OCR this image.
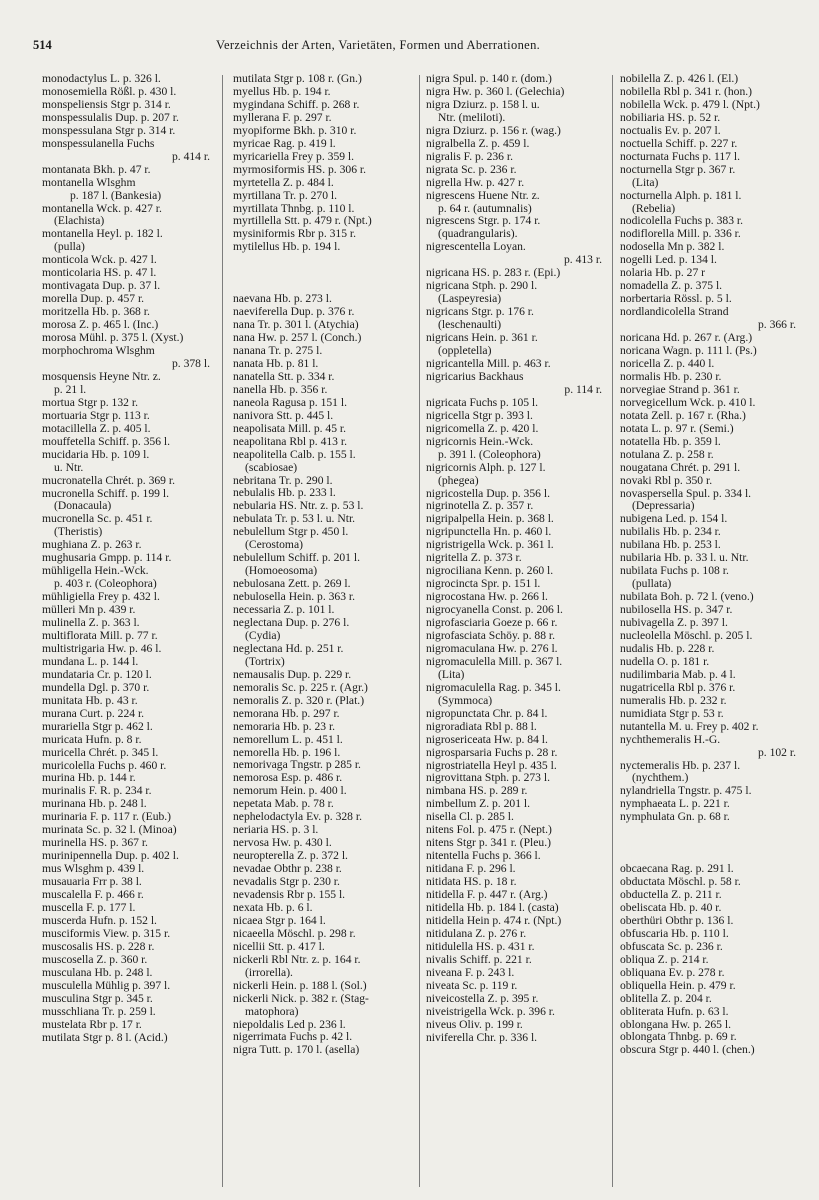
514	Verzeichnis der Arten, Varietäten, Formen und Aberrationen.
monodactylus L. p. 326 l.
monosemiella Rößl. p. 430 l.
monspeliensis Stgr p. 314 r.
monspessulalis Dup. p. 207 r.
monspessulana Stgr p. 314 r.
monspessulanella Fuchs
p. 414 r.
montanata Bkh. p. 47 r.
montanella Wlsghm
p. 187 l. (Bankesia)
montanella Wck. p. 427 r.
(Elachista)
montanella Heyl. p. 182 l.
(pulla)
monticola Wck. p. 427 l.
monticolaria HS. p. 47 l.
montivagata Dup. p. 37 l.
morella Dup. p. 457 r.
moritzella Hb. p. 368 r.
morosa Z. p. 465 l. (Inc.)
morosa Mühl. p. 375 l. (Xyst.)
morphochroma Wlsghm
p. 378 l.
mosquensis Heyne Ntr. z.
p. 21 l.
mortua Stgr p. 132 r.
mortuaria Stgr p. 113 r.
motacillella Z. p. 405 l.
mouffetella Schiff. p. 356 l.
mucidaria Hb. p. 109 l.
u. Ntr.
mucronatella Chrét. p. 369 r.
mucronella Schiff. p. 199 l.
(Donacaula)
mucronella Sc. p. 451 r.
(Theristis)
mughiana Z. p. 263 r.
mughusaria Gmpp. p. 114 r.
mühligella Hein.-Wck.
p. 403 r. (Coleophora)
mühligiella Frey p. 432 l.
mülleri Mn p. 439 r.
mulinella Z. p. 363 l.
multiflorata Mill. p. 77 r.
multistrigaria Hw. p. 46 l.
mundana L. p. 144 l.
mundataria Cr. p. 120 l.
mundella Dgl. p. 370 r.
munitata Hb. p. 43 r.
murana Curt. p. 224 r.
murariella Stgr p. 462 l.
muricata Hufn. p. 8 r.
muricella Chrét. p. 345 l.
muricolella Fuchs p. 460 r.
murina Hb. p. 144 r.
murinalis F. R. p. 234 r.
murinana Hb. p. 248 l.
murinaria F. p. 117 r. (Eub.)
murinata Sc. p. 32 l. (Minoa)
murinella HS. p. 367 r.
murinipennella Dup. p. 402 l.
mus Wlsghm p. 439 l.
musauaria Frr p. 38 l.
muscalella F. p. 466 r.
muscella F. p. 177 l.
muscerda Hufn. p. 152 l.
musciformis View. p. 315 r.
muscosalis HS. p. 228 r.
muscosella Z. p. 360 r.
musculana Hb. p. 248 l.
musculella Mühlig p. 397 l.
musculina Stgr p. 345 r.
musschliana Tr. p. 259 l.
mustelata Rbr p. 17 r.
mutilata Stgr p. 8 l. (Acid.)
mutilata Stgr p. 108 r. (Gn.)
myellus Hb. p. 194 r.
mygindana Schiff. p. 268 r.
myllerana F. p. 297 r.
myopiforme Bkh. p. 310 r.
myricae Rag. p. 419 l.
myricariella Frey p. 359 l.
myrmosiformis HS. p. 306 r.
myrtetella Z. p. 484 l.
myrtillana Tr. p. 270 l.
myrtillata Thnbg. p. 110 l.
myrtillella Stt. p. 479 r. (Npt.)
mysiniformis Rbr p. 315 r.
mytilellus Hb. p. 194 l.
naevana Hb. p. 273 l.
naeviferella Dup. p. 376 r.
nana Tr. p. 301 l. (Atychia)
nana Hw. p. 257 l. (Conch.)
nanana Tr. p. 275 l.
nanata Hb. p. 81 l.
nanatella Stt. p. 334 r.
nanella Hb. p. 356 r.
naneola Ragusa p. 151 l.
nanivora Stt. p. 445 l.
neapolisata Mill. p. 45 r.
neapolitana Rbl p. 413 r.
neapolitella Calb. p. 155 l.
(scabiosae)
nebritana Tr. p. 290 l.
nebulalis Hb. p. 233 l.
nebularia HS. Ntr. z. p. 53 l.
nebulata Tr. p. 53 l. u. Ntr.
nebulellum Stgr p. 450 l.
(Cerostoma)
nebulellum Schiff. p. 201 l.
(Homoeosoma)
nebulosana Zett. p. 269 l.
nebulosella Hein. p. 363 r.
necessaria Z. p. 101 l.
neglectana Dup. p. 276 l.
(Cydia)
neglectana Hd. p. 251 r.
(Tortrix)
nemausalis Dup. p. 229 r.
nemoralis Sc. p. 225 r. (Agr.)
nemoralis Z. p. 320 r. (Plat.)
nemorana Hb. p. 297 r.
nemoraria Hb. p. 23 r.
nemorellum L. p. 451 l.
nemorella Hb. p. 196 l.
nemorivaga Tngstr. p 285 r.
nemorosa Esp. p. 486 r.
nemorum Hein. p. 400 l.
nepetata Mab. p. 78 r.
nephelodactyla Ev. p. 328 r.
neriaria HS. p. 3 l.
nervosa Hw. p. 430 l.
neuropterella Z. p. 372 l.
nevadae Obthr p. 238 r.
nevadalis Stgr p. 230 r.
nevadensis Rbr p. 155 l.
nexata Hb. p. 6 l.
nicaea Stgr p. 164 l.
nicaeella Möschl. p. 298 r.
nicellii Stt. p. 417 l.
nickerli Rbl Ntr. z. p. 164 r.
(irrorella).
nickerli Hein. p. 188 l. (Sol.)
nickerli Nick. p. 382 r. (Stag-
matophora)
niepoldalis Led p. 236 l.
nigerrimata Fuchs p. 42 l.
nigra Tutt. p. 170 l. (asella)
nigra Spul. p. 140 r. (dom.)
nigra Hw. p. 360 l. (Gelechia)
nigra Dziurz. p. 158 l. u.
Ntr. (meliloti).
nigra Dziurz. p. 156 r. (wag.)
nigralbella Z. p. 459 l.
nigralis F. p. 236 r.
nigrata Sc. p. 236 r.
nigrella Hw. p. 427 r.
nigrescens Huene Ntr. z.
p. 64 r. (autumnalis)
nigrescens Stgr. p. 174 r.
(quadrangularis).
nigrescentella Loyan.
p. 413 r.
nigricana HS. p. 283 r. (Epi.)
nigricana Stph. p. 290 l.
(Laspeyresia)
nigricans Stgr. p. 176 r.
(leschenaulti)
nigricans Hein. p. 361 r.
(oppletella)
nigricantella Mill. p. 463 r.
nigricarius Backhaus
p. 114 r.
nigricata Fuchs p. 105 l.
nigricella Stgr p. 393 l.
nigricomella Z. p. 420 l.
nigricornis Hein.-Wck.
p. 391 l. (Coleophora)
nigricornis Alph. p. 127 l.
(phegea)
nigricostella Dup. p. 356 l.
nigrinotella Z. p. 357 r.
nigripalpella Hein. p. 368 l.
nigripunctella Hn. p. 460 l.
nigristrigella Wck. p. 361 l.
nigritella Z. p. 373 r.
nigrociliana Kenn. p. 260 l.
nigrocincta Spr. p. 151 l.
nigrocostana Hw. p. 266 l.
nigrocyanella Const. p. 206 l.
nigrofasciaria Goeze p. 66 r.
nigrofasciata Schöy. p. 88 r.
nigromaculana Hw. p. 276 l.
nigromaculella Mill. p. 367 l.
(Lita)
nigromaculella Rag. p. 345 l.
(Symmoca)
nigropunctata Chr. p. 84 l.
nigroradiata Rbl p. 88 l.
nigrosericeata Hw. p. 84 l.
nigrosparsaria Fuchs p. 28 r.
nigrostriatella Heyl p. 435 l.
nigrovittana Stph. p. 273 l.
nimbana HS. p. 289 r.
nimbellum Z. p. 201 l.
nisella Cl. p. 285 l.
nitens Fol. p. 475 r. (Nept.)
nitens Stgr p. 341 r. (Pleu.)
nitentella Fuchs p. 366 l.
nitidana F. p. 296 l.
nitidata HS. p. 18 r.
nitidella F. p. 447 r. (Arg.)
nitidella Hb. p. 184 l. (casta)
nitidella Hein p. 474 r. (Npt.)
nitidulana Z. p. 276 r.
nitidulella HS. p. 431 r.
nivalis Schiff. p. 221 r.
niveana F. p. 243 l.
niveata Sc. p. 119 r.
niveicostella Z. p. 395 r.
niveistrigella Wck. p. 396 r.
niveus Oliv. p. 199 r.
niviferella Chr. p. 336 l.
nobilella Z. p. 426 l. (El.)
nobilella Rbl p. 341 r. (hon.)
nobilella Wck. p. 479 l. (Npt.)
nobiliaria HS. p. 52 r.
noctualis Ev. p. 207 l.
noctuella Schiff. p. 227 r.
nocturnata Fuchs p. 117 l.
nocturnella Stgr p. 367 r.
(Lita)
nocturnella Alph. p. 181 l.
(Rebelia)
nodicolella Fuchs p. 383 r.
nodiflorella Mill. p. 336 r.
nodosella Mn p. 382 l.
nogelli Led. p. 134 l.
nolaria Hb. p. 27 r
nomadella Z. p. 375 l.
norbertaria Rössl. p. 5 l.
nordlandicolella Strand
p. 366 r.
noricana Hd. p. 267 r. (Arg.)
noricana Wagn. p. 111 l. (Ps.)
noricella Z. p. 440 l.
normalis Hb. p. 230 r.
norvegiae Strand p. 361 r.
norvegicellum Wck. p. 410 l.
notata Zell. p. 167 r. (Rha.)
notata L. p. 97 r. (Semi.)
notatella Hb. p. 359 l.
notulana Z. p. 258 r.
nougatana Chrét. p. 291 l.
novaki Rbl p. 350 r.
novaspersella Spul. p. 334 l.
(Depressaria)
nubigena Led. p. 154 l.
nubilalis Hb. p. 234 r.
nubilana Hb. p. 253 l.
nubilaria Hb. p. 33 l. u. Ntr.
nubilata Fuchs p. 108 r.
(pullata)
nubilata Boh. p. 72 l. (veno.)
nubilosella HS. p. 347 r.
nubivagella Z. p. 397 l.
nucleolella Möschl. p. 205 l.
nudalis Hb. p. 228 r.
nudella O. p. 181 r.
nudilimbaria Mab. p. 4 l.
nugatricella Rbl p. 376 r.
numeralis Hb. p. 232 r.
numidiata Stgr p. 53 r.
nutantella M. u. Frey p. 402 r.
nychthemeralis H.-G.
p. 102 r.
nyctemeralis Hb. p. 237 l.
(nychthem.)
nylandriella Tngstr. p. 475 l.
nymphaeata L. p. 221 r.
nymphulata Gn. p. 68 r.
obcaecana Rag. p. 291 l.
obductata Möschl. p. 58 r.
obductella Z. p. 211 r.
obeliscata Hb. p. 40 r.
oberthüri Obthr p. 136 l.
obfuscaria Hb. p. 110 l.
obfuscata Sc. p. 236 r.
obliqua Z. p. 214 r.
obliquana Ev. p. 278 r.
obliquella Hein. p. 479 r.
oblitella Z. p. 204 r.
obliterata Hufn. p. 63 l.
oblongana Hw. p. 265 l.
oblongata Thnbg. p. 69 r.
obscura Stgr p. 440 l. (chen.)
